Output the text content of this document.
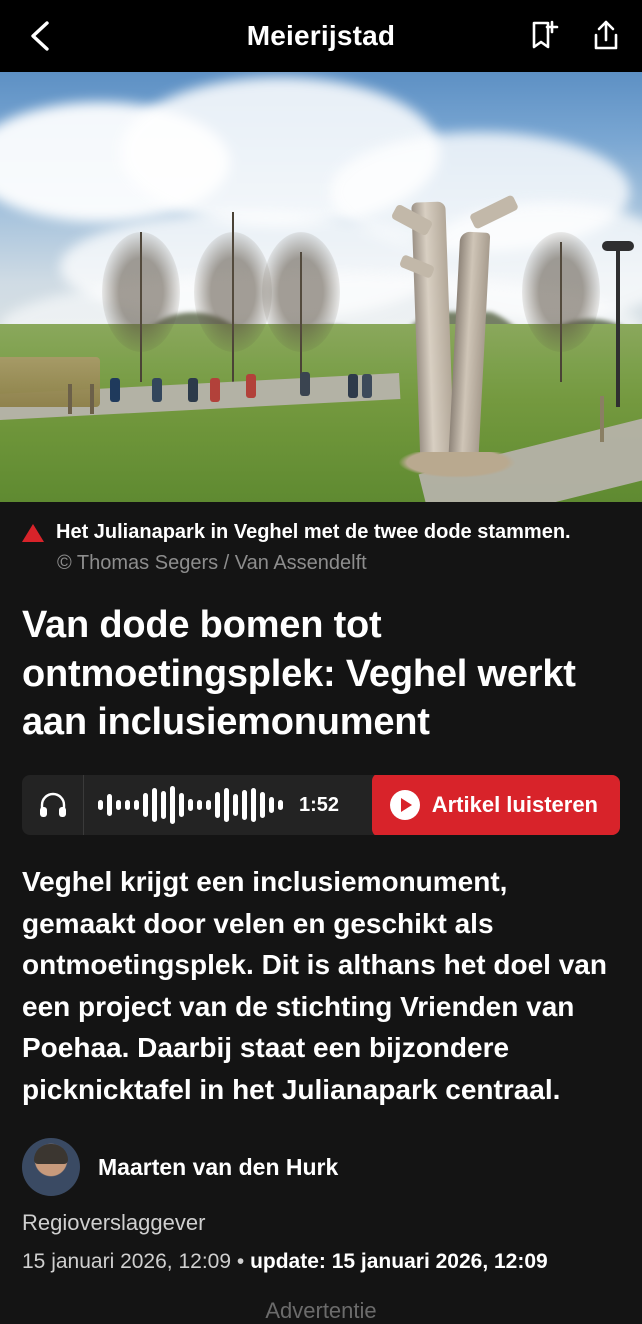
Meierijstad
Het Julianapark in Veghel met de twee dode stammen.
© Thomas Segers / Van Assendelft
Van dode bomen tot ontmoetingsplek: Veghel werkt aan inclusiemonument
1:52	Artikel luisteren

Veghel krijgt een inclusiemonument, gemaakt door velen en geschikt als ontmoetingsplek. Dit is althans het doel van een project van de stichting Vrienden van Poehaa. Daarbij staat een bijzondere picknicktafel in het Julianapark centraal.

Maarten van den Hurk
Regioverslaggever
15 januari 2026, 12:09 • update: 15 januari 2026, 12:09
Advertentie
